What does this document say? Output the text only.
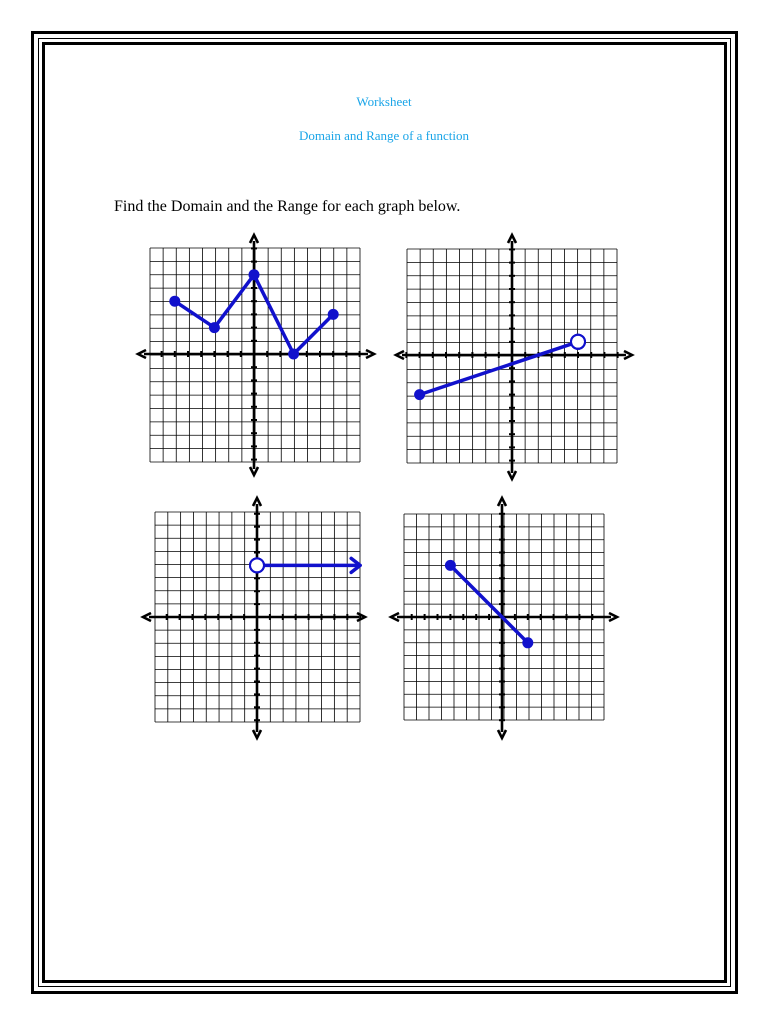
Worksheet
Domain and Range of a function
Find the Domain and the Range for each graph below.
